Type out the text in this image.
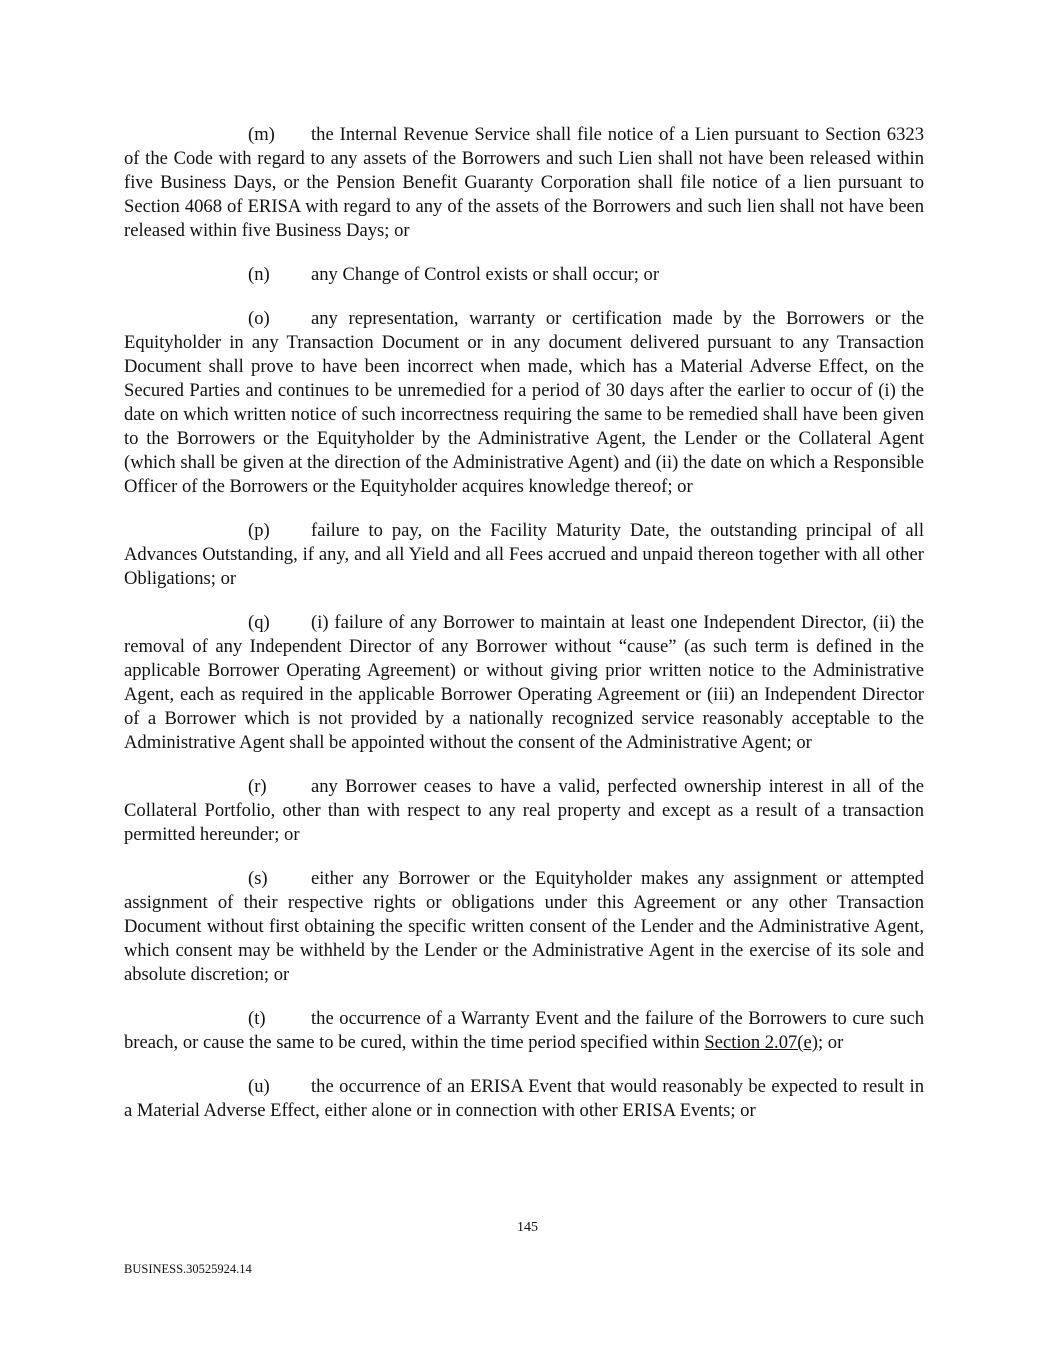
(m) the Internal Revenue Service shall file notice of a Lien pursuant to Section 6323 of the Code with regard to any assets of the Borrowers and such Lien shall not have been released within five Business Days, or the Pension Benefit Guaranty Corporation shall file notice of a lien pursuant to Section 4068 of ERISA with regard to any of the assets of the Borrowers and such lien shall not have been released within five Business Days; or

(n) any Change of Control exists or shall occur; or

(o) any representation, warranty or certification made by the Borrowers or the Equityholder in any Transaction Document or in any document delivered pursuant to any Transaction Document shall prove to have been incorrect when made, which has a Material Adverse Effect, on the Secured Parties and continues to be unremedied for a period of 30 days after the earlier to occur of (i) the date on which written notice of such incorrectness requiring the same to be remedied shall have been given to the Borrowers or the Equityholder by the Administrative Agent, the Lender or the Collateral Agent (which shall be given at the direction of the Administrative Agent) and (ii) the date on which a Responsible Officer of the Borrowers or the Equityholder acquires knowledge thereof; or

(p) failure to pay, on the Facility Maturity Date, the outstanding principal of all Advances Outstanding, if any, and all Yield and all Fees accrued and unpaid thereon together with all other Obligations; or

(q) (i) failure of any Borrower to maintain at least one Independent Director, (ii) the removal of any Independent Director of any Borrower without “cause” (as such term is defined in the applicable Borrower Operating Agreement) or without giving prior written notice to the Administrative Agent, each as required in the applicable Borrower Operating Agreement or (iii) an Independent Director of a Borrower which is not provided by a nationally recognized service reasonably acceptable to the Administrative Agent shall be appointed without the consent of the Administrative Agent; or

(r) any Borrower ceases to have a valid, perfected ownership interest in all of the Collateral Portfolio, other than with respect to any real property and except as a result of a transaction permitted hereunder; or

(s) either any Borrower or the Equityholder makes any assignment or attempted assignment of their respective rights or obligations under this Agreement or any other Transaction Document without first obtaining the specific written consent of the Lender and the Administrative Agent, which consent may be withheld by the Lender or the Administrative Agent in the exercise of its sole and absolute discretion; or

(t) the occurrence of a Warranty Event and the failure of the Borrowers to cure such breach, or cause the same to be cured, within the time period specified within Section 2.07(e); or

(u) the occurrence of an ERISA Event that would reasonably be expected to result in a Material Adverse Effect, either alone or in connection with other ERISA Events; or

145
BUSINESS.30525924.14
